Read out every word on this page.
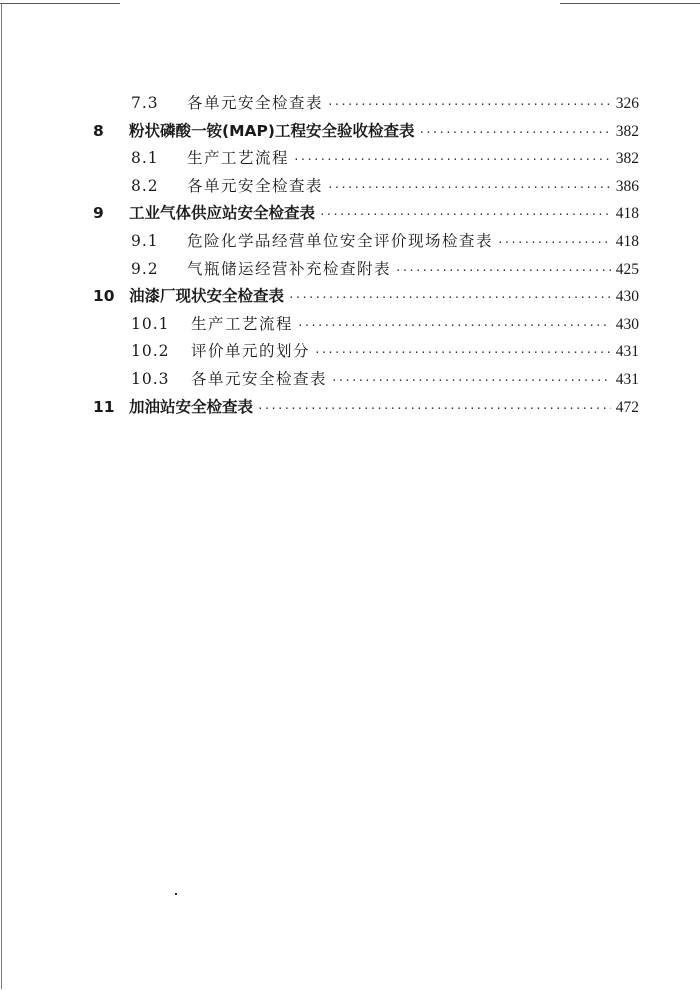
7.3	各单元安全检查表 ·····	326
8	粉状磷酸一铵(MAP)工程安全验收检查表 ·····	382
8.1	生产工艺流程 ·····	382
8.2	各单元安全检查表 ·····	386
9	工业气体供应站安全检查表 ·····	418
9.1	危险化学品经营单位安全评价现场检查表 ·····	418
9.2	气瓶储运经营补充检查附表 ·····	425
10 油漆厂现状安全检查表 ·····	430
10.1	生产工艺流程 ·····	430
10.2	评价单元的划分 ·····	431
10.3	各单元安全检查表 ·····	431
11 加油站安全检查表 ·····	472
